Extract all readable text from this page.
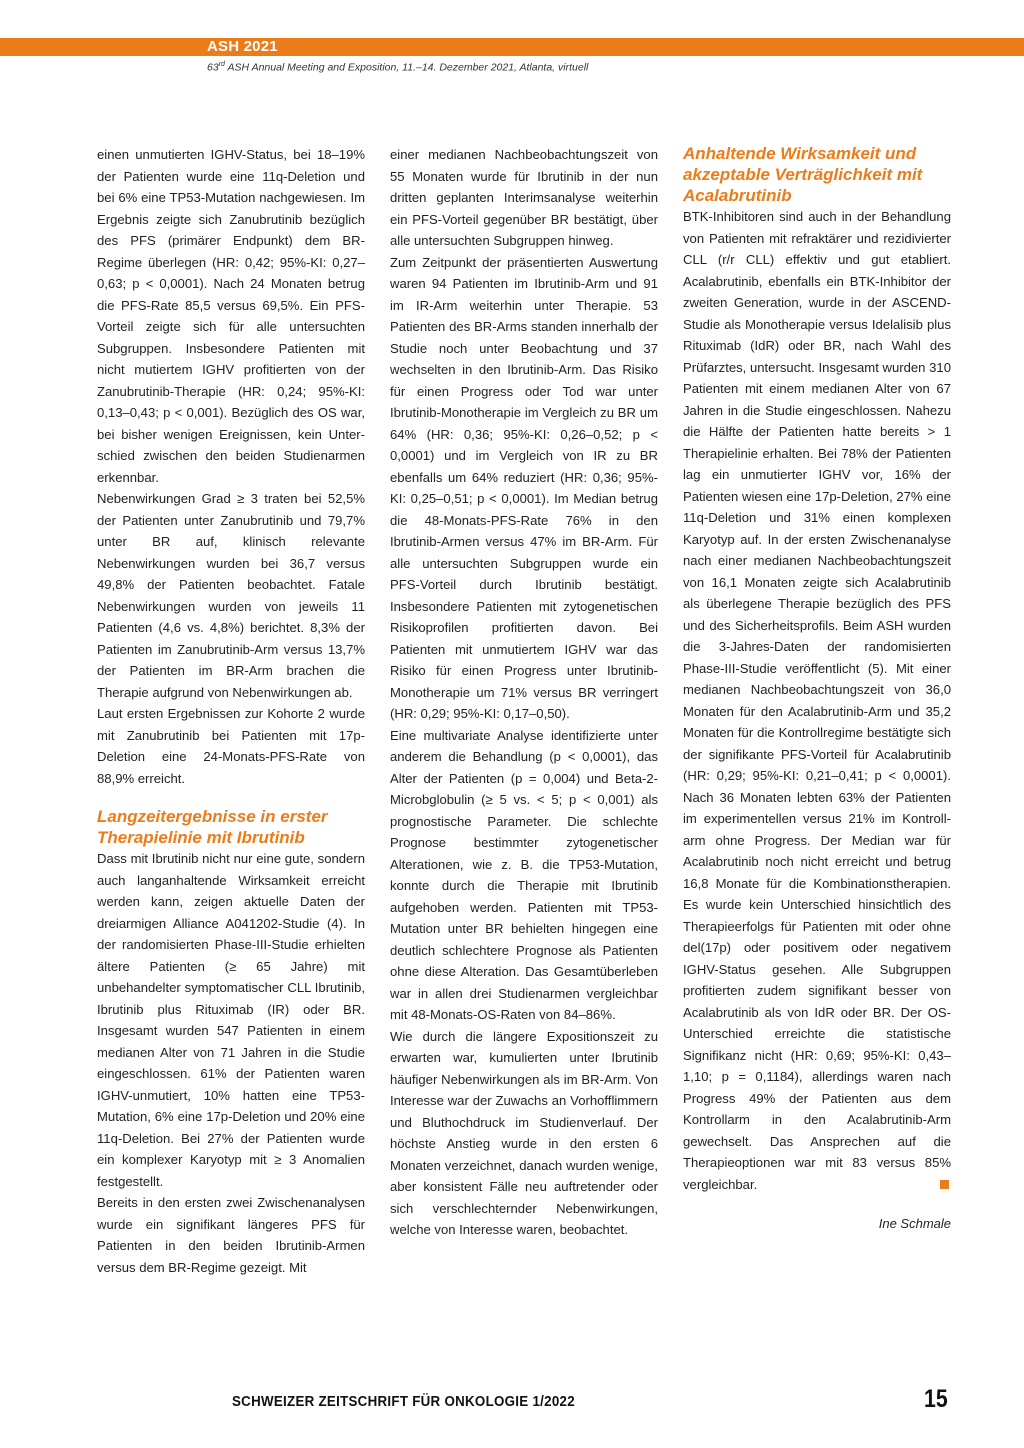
ASH 2021
63rd ASH Annual Meeting and Exposition, 11.–14. Dezember 2021, Atlanta, virtuell

einen unmutierten IGHV-Status, bei 18–19% der Patienten wurde eine 11q-Deletion und bei 6% eine TP53-Mutation nachgewiesen. Im Ergebnis zeigte sich Zanubrutinib bezüglich des PFS (primärer Endpunkt) dem BR-Regime überlegen (HR: 0,42; 95%-KI: 0,27–0,63; p < 0,0001). Nach 24 Monaten betrug die PFS-Rate 85,5 versus 69,5%. Ein PFS-Vorteil zeigte sich für alle untersuchten Subgruppen. Insbesondere Patienten mit nicht mutiertem IGHV profitierten von der Zanubrutinib-Therapie (HR: 0,24; 95%-KI: 0,13–0,43; p < 0,001). Bezüglich des OS war, bei bisher wenigen Ereignissen, kein Unterschied zwischen den beiden Studienarmen erkennbar.

Nebenwirkungen Grad ≥ 3 traten bei 52,5% der Patienten unter Zanubrutinib und 79,7% unter BR auf, klinisch relevante Nebenwirkungen wurden bei 36,7 versus 49,8% der Patienten beobachtet. Fatale Nebenwirkungen wurden von jeweils 11 Patienten (4,6 vs. 4,8%) berichtet. 8,3% der Patienten im Zanubrutinib-Arm versus 13,7% der Patienten im BR-Arm brachen die Therapie aufgrund von Nebenwirkungen ab.

Laut ersten Ergebnissen zur Kohorte 2 wurde mit Zanubrutinib bei Patienten mit 17p-Deletion eine 24-Monats-PFS-Rate von 88,9% erreicht.

Langzeitergebnisse in erster Therapielinie mit Ibrutinib

Dass mit Ibrutinib nicht nur eine gute, sondern auch langanhaltende Wirksamkeit erreicht werden kann, zeigen aktuelle Daten der dreiarmigen Alliance A041202-Studie (4). In der randomisierten Phase-III-Studie erhielten ältere Patienten (≥ 65 Jahre) mit unbehandelter symptomatischer CLL Ibrutinib, Ibrutinib plus Rituximab (IR) oder BR. Insgesamt wurden 547 Patienten in einem medianen Alter von 71 Jahren in die Studie eingeschlossen. 61% der Patienten waren IGHV-unmutiert, 10% hatten eine TP53-Mutation, 6% eine 17p-Deletion und 20% eine 11q-Deletion. Bei 27% der Patienten wurde ein komplexer Karyotyp mit ≥ 3 Anomalien festgestellt.

Bereits in den ersten zwei Zwischenanalysen wurde ein signifikant längeres PFS für Patienten in den beiden Ibrutinib-Armen versus dem BR-Regime gezeigt. Mit

einer medianen Nachbeobachtungszeit von 55 Monaten wurde für Ibrutinib in der nun dritten geplanten Interimsanalyse weiterhin ein PFS-Vorteil gegenüber BR bestätigt, über alle untersuchten Subgruppen hinweg.

Zum Zeitpunkt der präsentierten Auswertung waren 94 Patienten im Ibrutinib-Arm und 91 im IR-Arm weiterhin unter Therapie. 53 Patienten des BR-Arms standen innerhalb der Studie noch unter Beobachtung und 37 wechselten in den Ibrutinib-Arm. Das Risiko für einen Progress oder Tod war unter Ibrutinib-Monotherapie im Vergleich zu BR um 64% (HR: 0,36; 95%-KI: 0,26–0,52; p < 0,0001) und im Vergleich von IR zu BR ebenfalls um 64% reduziert (HR: 0,36; 95%-KI: 0,25–0,51; p < 0,0001). Im Median betrug die 48-Monats-PFS-Rate 76% in den Ibrutinib-Armen versus 47% im BR-Arm. Für alle untersuchten Subgruppen wurde ein PFS-Vorteil durch Ibrutinib bestätigt. Insbesondere Patienten mit zytogenetischen Risikoprofilen profitierten davon. Bei Patienten mit unmutiertem IGHV war das Risiko für einen Progress unter Ibrutinib-Monotherapie um 71% versus BR verringert (HR: 0,29; 95%-KI: 0,17–0,50).

Eine multivariate Analyse identifizierte unter anderem die Behandlung (p < 0,0001), das Alter der Patienten (p = 0,004) und Beta-2-Microbglobulin (≥ 5 vs. < 5; p < 0,001) als prognostische Parameter. Die schlechte Prognose bestimmter zytogenetischer Alterationen, wie z. B. die TP53-Mutation, konnte durch die Therapie mit Ibrutinib aufgehoben werden. Patienten mit TP53-Mutation unter BR behielten hingegen eine deutlich schlechtere Prognose als Patienten ohne diese Alteration. Das Gesamtüberleben war in allen drei Studienarmen vergleichbar mit 48-Monats-OS-Raten von 84–86%.

Wie durch die längere Expositionszeit zu erwarten war, kumulierten unter Ibrutinib häufiger Nebenwirkungen als im BR-Arm. Von Interesse war der Zuwachs an Vorhofflimmern und Bluthochdruck im Studienverlauf. Der höchste Anstieg wurde in den ersten 6 Monaten verzeichnet, danach wurden wenige, aber konsistent Fälle neu auftretender oder sich verschlechternder Nebenwirkungen, welche von Interesse waren, beobachtet.

Anhaltende Wirksamkeit und akzeptable Verträglichkeit mit Acalabrutinib

BTK-Inhibitoren sind auch in der Behandlung von Patienten mit refraktärer und rezidivierter CLL (r/r CLL) effektiv und gut etabliert. Acalabrutinib, ebenfalls ein BTK-Inhibitor der zweiten Generation, wurde in der ASCEND-Studie als Monotherapie versus Idelalisib plus Rituximab (IdR) oder BR, nach Wahl des Prüfarztes, untersucht. Insgesamt wurden 310 Patienten mit einem medianen Alter von 67 Jahren in die Studie eingeschlossen. Nahezu die Hälfte der Patienten hatte bereits > 1 Therapielinie erhalten. Bei 78% der Patienten lag ein unmutierter IGHV vor, 16% der Patienten wiesen eine 17p-Deletion, 27% eine 11q-Deletion und 31% einen komplexen Karyotyp auf. In der ersten Zwischenanalyse nach einer medianen Nachbeobachtungszeit von 16,1 Monaten zeigte sich Acalabrutinib als überlegene Therapie bezüglich des PFS und des Sicherheitsprofils. Beim ASH wurden die 3-Jahres-Daten der randomisierten Phase-III-Studie veröffentlicht (5). Mit einer medianen Nachbeobachtungszeit von 36,0 Monaten für den Acalabrutinib-Arm und 35,2 Monaten für die Kontrollregime bestätigte sich der signifikante PFS-Vorteil für Acalabrutinib (HR: 0,29; 95%-KI: 0,21–0,41; p < 0,0001). Nach 36 Monaten lebten 63% der Patienten im experimentellen versus 21% im Kontrollarm ohne Progress. Der Median war für Acalabrutinib noch nicht erreicht und betrug 16,8 Monate für die Kombinationstherapien. Es wurde kein Unterschied hinsichtlich des Therapieerfolgs für Patienten mit oder ohne del(17p) oder positivem oder negativem IGHV-Status gesehen. Alle Subgruppen profitierten zudem signifikant besser von Acalabrutinib als von IdR oder BR. Der OS-Unterschied erreichte die statistische Signifikanz nicht (HR: 0,69; 95%-KI: 0,43–1,10; p = 0,1184), allerdings waren nach Progress 49% der Patienten aus dem Kontrollarm in den Acalabrutinib-Arm gewechselt. Das Ansprechen auf die Therapieoptionen war mit 83 versus 85% vergleichbar.

Ine Schmale

SCHWEIZER ZEITSCHRIFT FÜR ONKOLOGIE 1/2022	15
